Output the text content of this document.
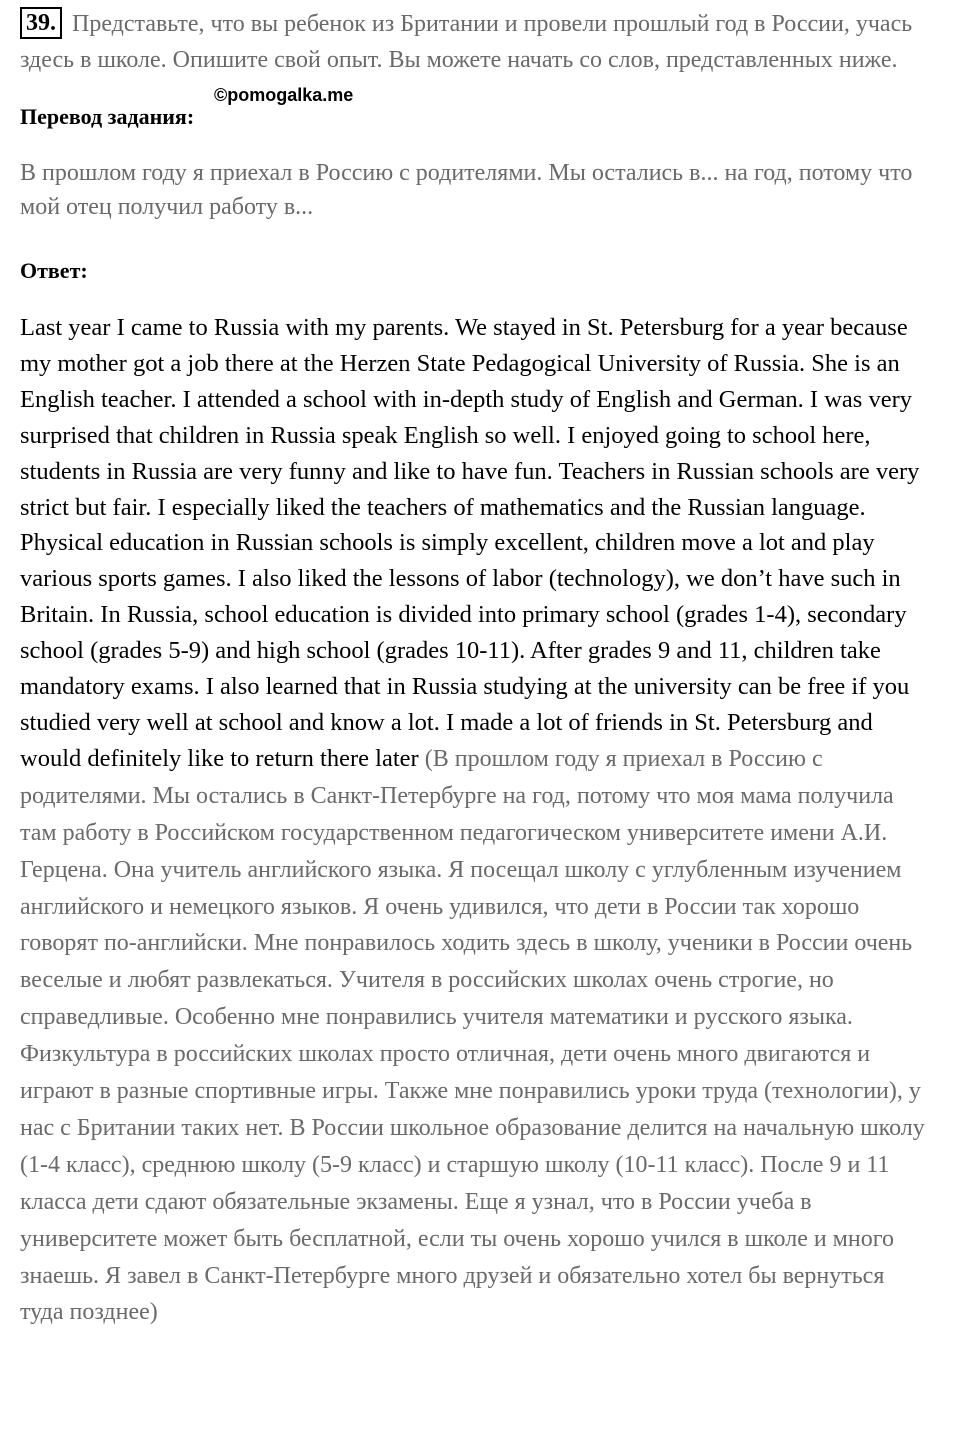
39. Представьте, что вы ребенок из Британии и провели прошлый год в России, учась здесь в школе. Опишите свой опыт. Вы можете начать со слов, представленных ниже.

Перевод задания:
©pomogalka.me

В прошлом году я приехал в Россию с родителями. Мы остались в... на год, потому что мой отец получил работу в...

Ответ:

Last year I came to Russia with my parents. We stayed in St. Petersburg for a year because my mother got a job there at the Herzen State Pedagogical University of Russia. She is an English teacher. I attended a school with in-depth study of English and German. I was very surprised that children in Russia speak English so well. I enjoyed going to school here, students in Russia are very funny and like to have fun. Teachers in Russian schools are very strict but fair. I especially liked the teachers of mathematics and the Russian language. Physical education in Russian schools is simply excellent, children move a lot and play various sports games. I also liked the lessons of labor (technology), we don’t have such in Britain. In Russia, school education is divided into primary school (grades 1-4), secondary school (grades 5-9) and high school (grades 10-11). After grades 9 and 11, children take mandatory exams. I also learned that in Russia studying at the university can be free if you studied very well at school and know a lot. I made a lot of friends in St. Petersburg and would definitely like to return there later (В прошлом году я приехал в Россию с родителями. Мы остались в Санкт-Петербурге на год, потому что моя мама получила там работу в Российском государственном педагогическом университете имени А.И. Герцена. Она учитель английского языка. Я посещал школу с углубленным изучением английского и немецкого языков. Я очень удивился, что дети в России так хорошо говорят по-английски. Мне понравилось ходить здесь в школу, ученики в России очень веселые и любят развлекаться. Учителя в российских школах очень строгие, но справедливые. Особенно мне понравились учителя математики и русского языка. Физкультура в российских школах просто отличная, дети очень много двигаются и играют в разные спортивные игры. Также мне понравились уроки труда (технологии), у нас с Британии таких нет. В России школьное образование делится на начальную школу (1-4 класс), среднюю школу (5-9 класс) и старшую школу (10-11 класс). После 9 и 11 класса дети сдают обязательные экзамены. Еще я узнал, что в России учеба в университете может быть бесплатной, если ты очень хорошо учился в школе и много знаешь. Я завел в Санкт-Петербурге много друзей и обязательно хотел бы вернуться туда позднее)
